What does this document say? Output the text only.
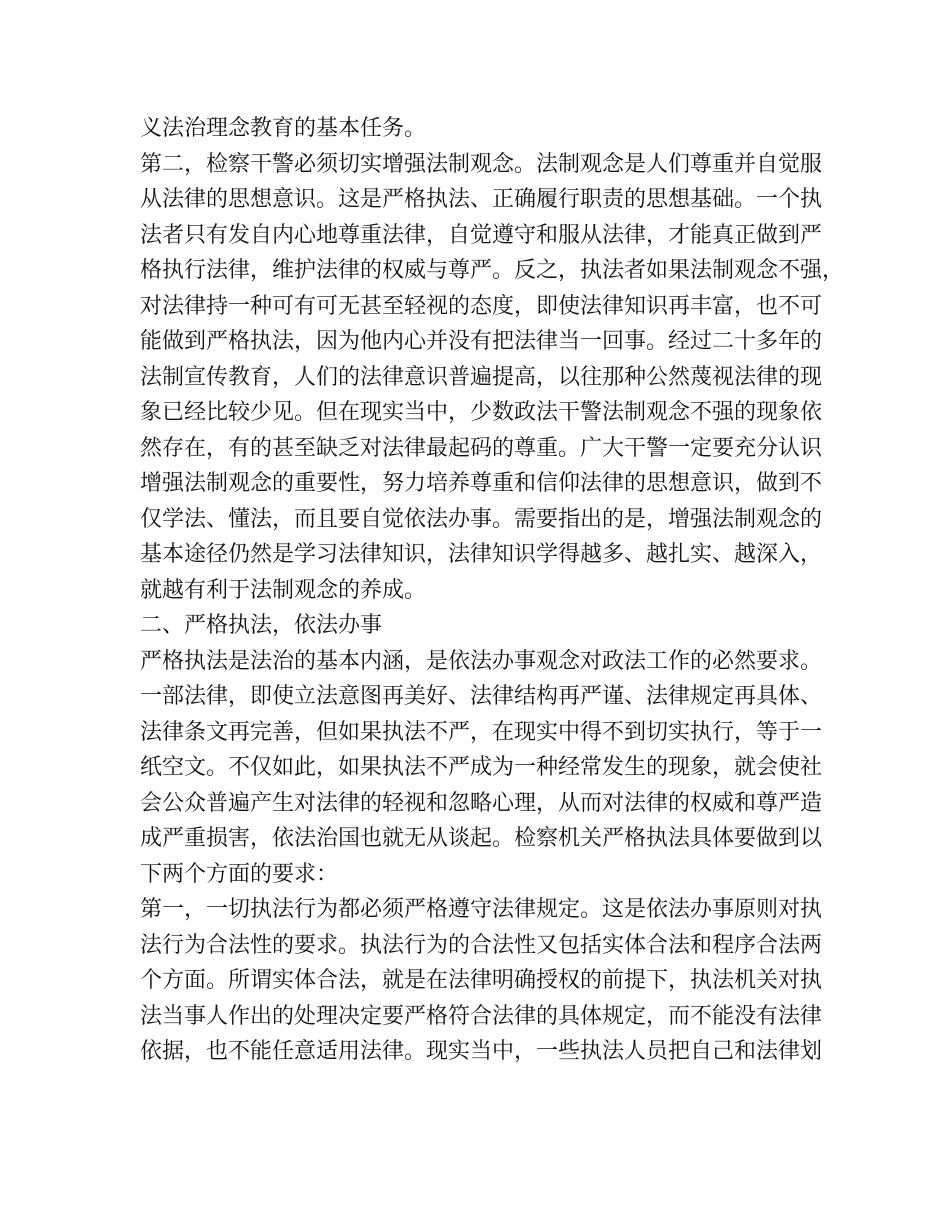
义法治理念教育的基本任务。
第二，检察干警必须切实增强法制观念。法制观念是人们尊重并自觉服
从法律的思想意识。这是严格执法、正确履行职责的思想基础。一个执
法者只有发自内心地尊重法律，自觉遵守和服从法律，才能真正做到严
格执行法律，维护法律的权威与尊严。反之，执法者如果法制观念不强，
对法律持一种可有可无甚至轻视的态度，即使法律知识再丰富，也不可
能做到严格执法，因为他内心并没有把法律当一回事。经过二十多年的
法制宣传教育，人们的法律意识普遍提高，以往那种公然蔑视法律的现
象已经比较少见。但在现实当中，少数政法干警法制观念不强的现象依
然存在，有的甚至缺乏对法律最起码的尊重。广大干警一定要充分认识
增强法制观念的重要性，努力培养尊重和信仰法律的思想意识，做到不
仅学法、懂法，而且要自觉依法办事。需要指出的是，增强法制观念的
基本途径仍然是学习法律知识，法律知识学得越多、越扎实、越深入，
就越有利于法制观念的养成。
二、严格执法，依法办事
严格执法是法治的基本内涵，是依法办事观念对政法工作的必然要求。
一部法律，即使立法意图再美好、法律结构再严谨、法律规定再具体、
法律条文再完善，但如果执法不严，在现实中得不到切实执行，等于一
纸空文。不仅如此，如果执法不严成为一种经常发生的现象，就会使社
会公众普遍产生对法律的轻视和忽略心理，从而对法律的权威和尊严造
成严重损害，依法治国也就无从谈起。检察机关严格执法具体要做到以
下两个方面的要求：
第一，一切执法行为都必须严格遵守法律规定。这是依法办事原则对执
法行为合法性的要求。执法行为的合法性又包括实体合法和程序合法两
个方面。所谓实体合法，就是在法律明确授权的前提下，执法机关对执
法当事人作出的处理决定要严格符合法律的具体规定，而不能没有法律
依据，也不能任意适用法律。现实当中，一些执法人员把自己和法律划
